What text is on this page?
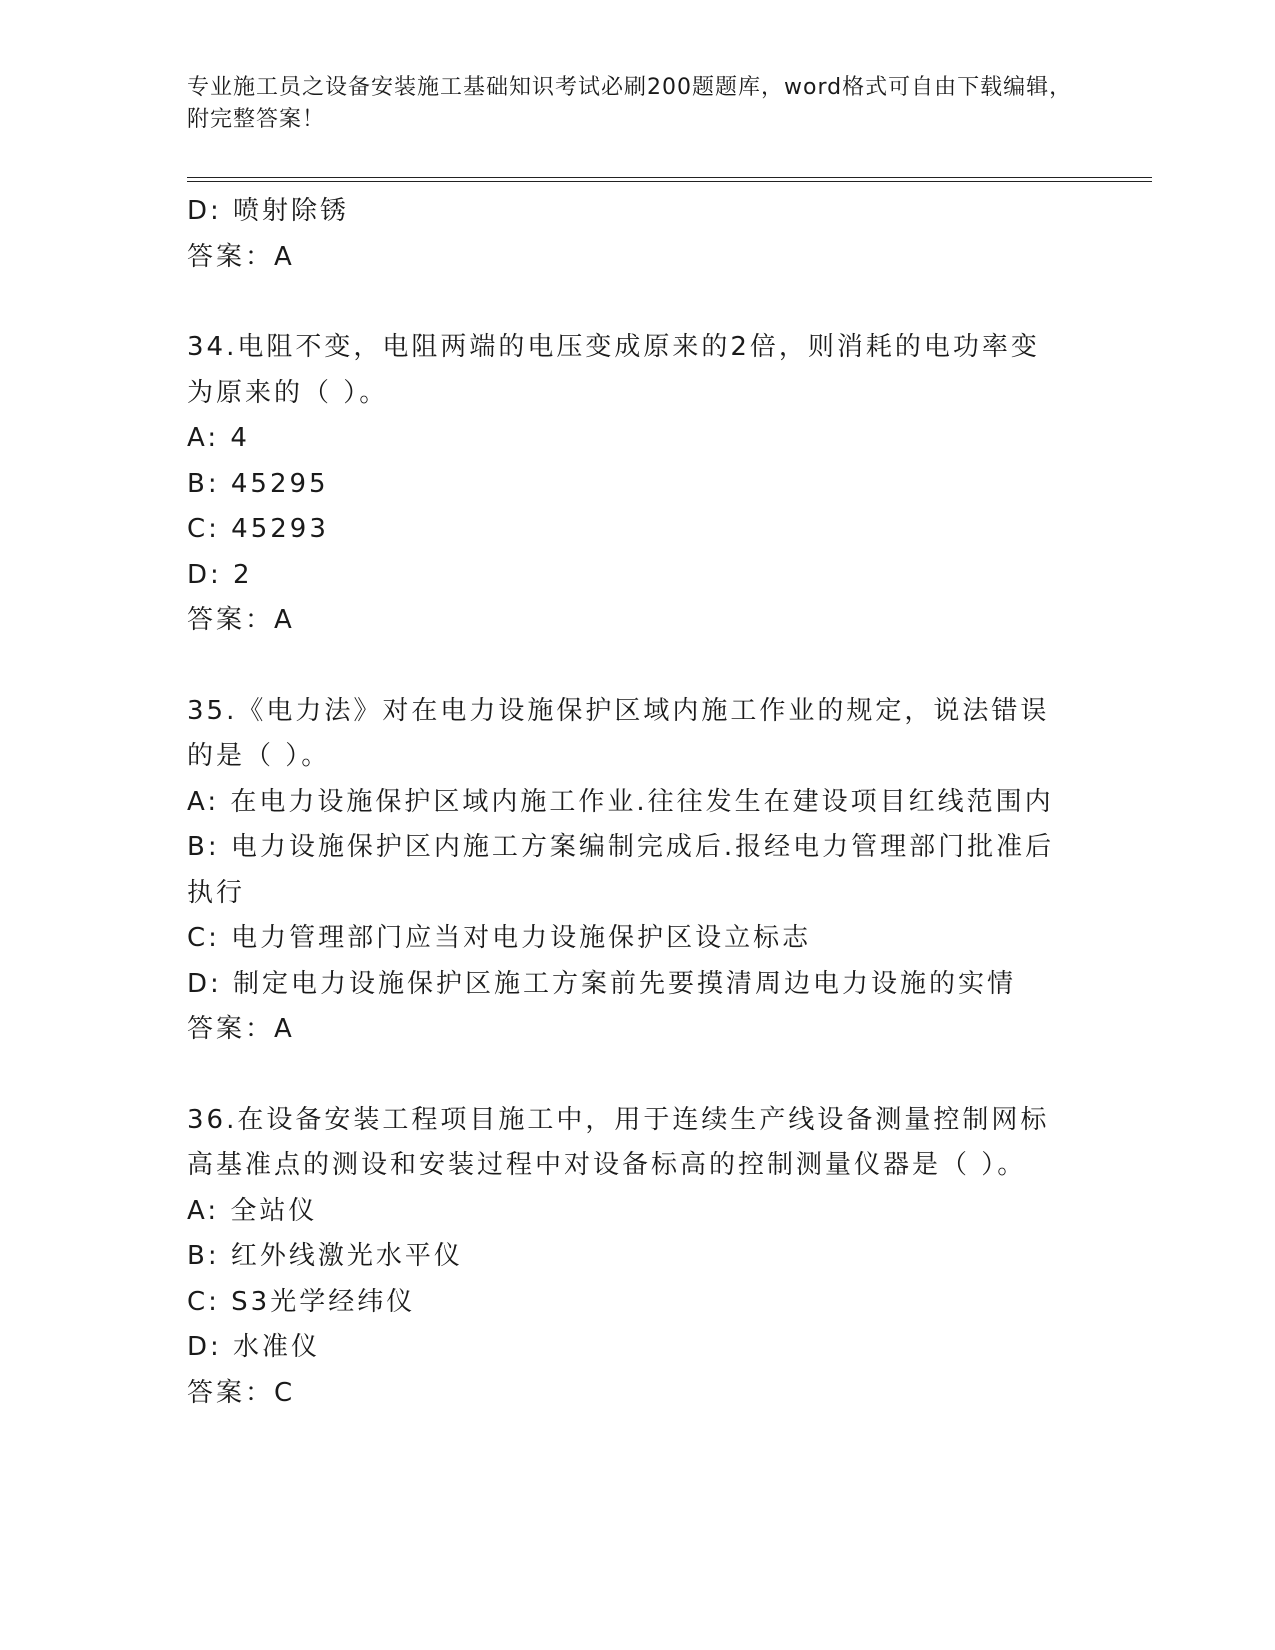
专业施工员之设备安装施工基础知识考试必刷200题题库，word格式可自由下载编辑，附完整答案！

D: 喷射除锈
答案：A

34.电阻不变，电阻两端的电压变成原来的2倍，则消耗的电功率变为原来的（ ）。

A: 4
B: 45295
C: 45293
D: 2
答案：A

35.《电力法》对在电力设施保护区域内施工作业的规定，说法错误的是（ ）。

A: 在电力设施保护区域内施工作业.往往发生在建设项目红线范围内

B: 电力设施保护区内施工方案编制完成后.报经电力管理部门批准后执行

C: 电力管理部门应当对电力设施保护区设立标志
D: 制定电力设施保护区施工方案前先要摸清周边电力设施的实情
答案：A

36.在设备安装工程项目施工中，用于连续生产线设备测量控制网标高基准点的测设和安装过程中对设备标高的控制测量仪器是（ ）。

A: 全站仪
B: 红外线激光水平仪
C: S3光学经纬仪
D: 水准仪
答案：C
